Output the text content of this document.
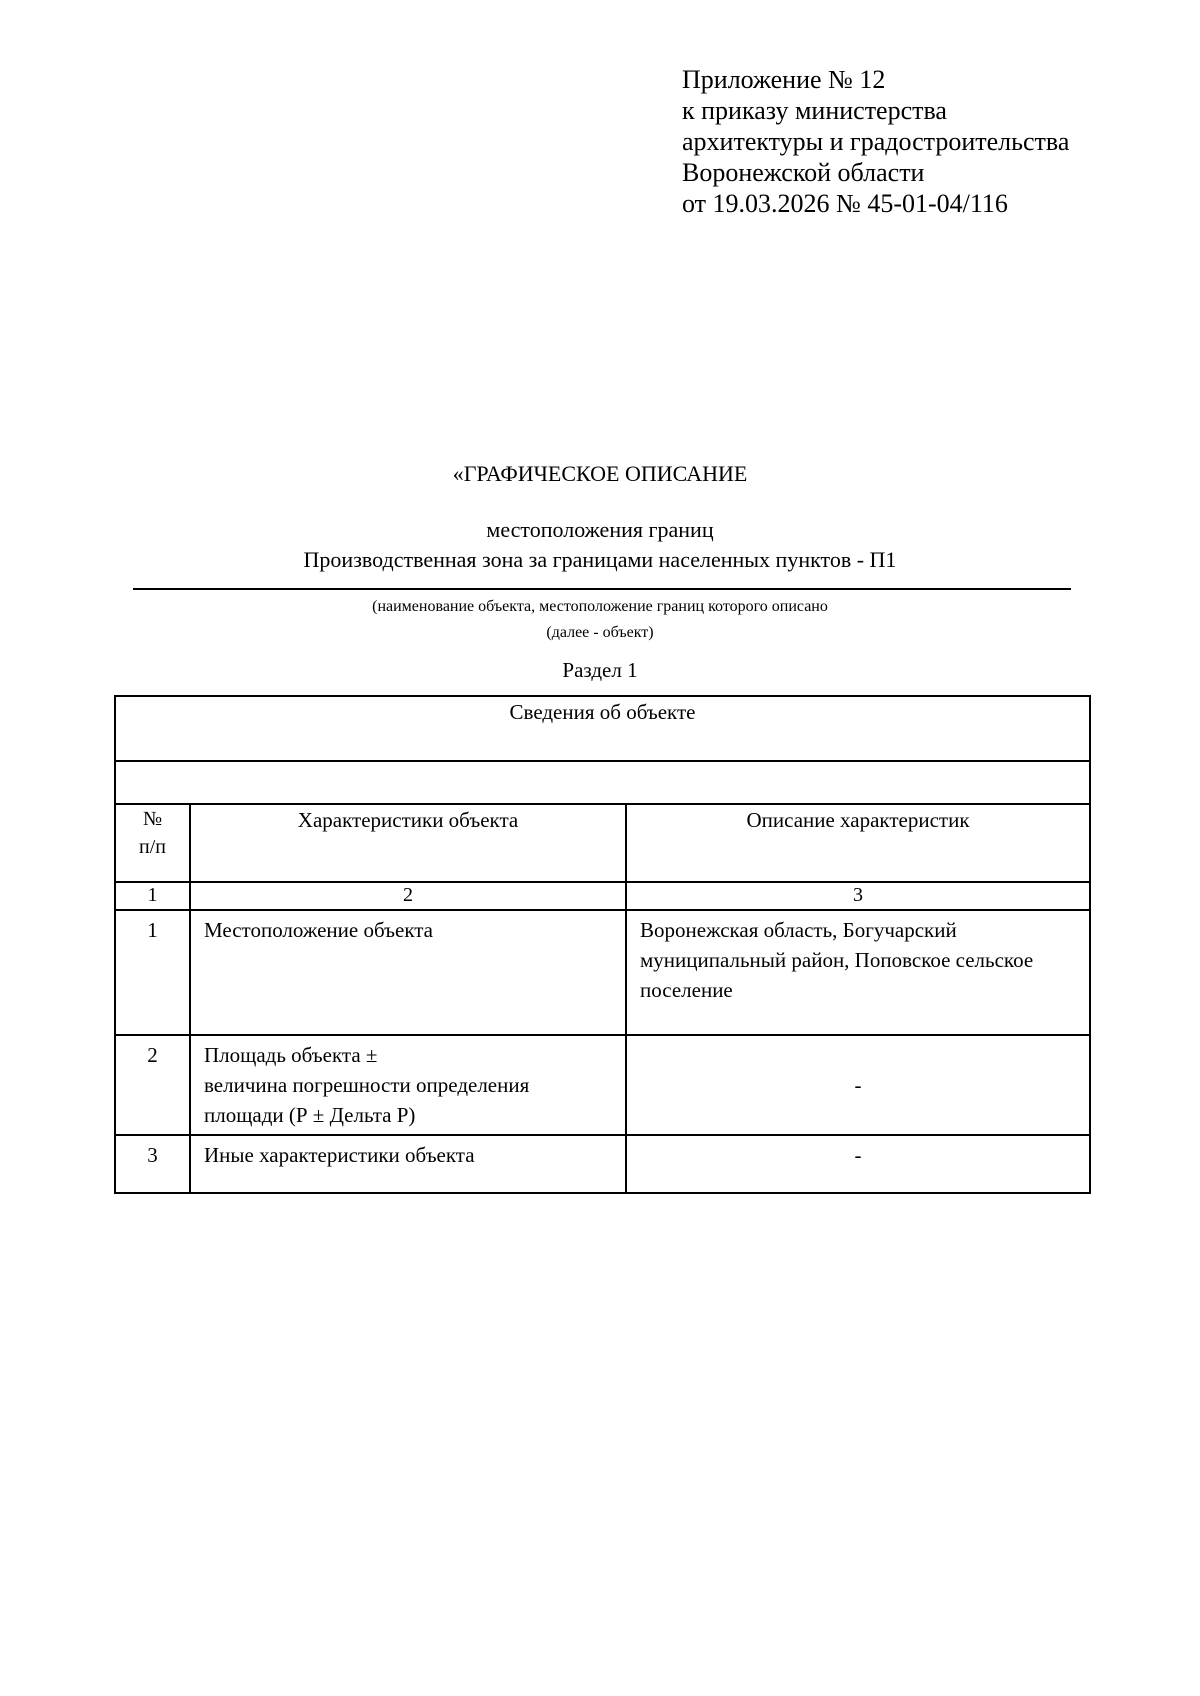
Приложение № 12
к приказу министерства
архитектуры и градостроительства
Воронежской области
от 19.03.2026 № 45-01-04/116
«ГРАФИЧЕСКОЕ ОПИСАНИЕ
местоположения границ
Производственная зона за границами населенных пунктов - П1
(наименование объекта, местоположение границ которого описано
(далее - объект)
Раздел 1
Сведения об объекте		

№
п/п	Характеристики объекта	Описание характеристик
1	2	3
1	Местоположение объекта	Воронежская область, Богучарский муниципальный район, Поповское сельское поселение
2	Площадь объекта ±
величина погрешности определения
площади (Р ± Дельта Р)	-
3	Иные характеристики объекта	-
